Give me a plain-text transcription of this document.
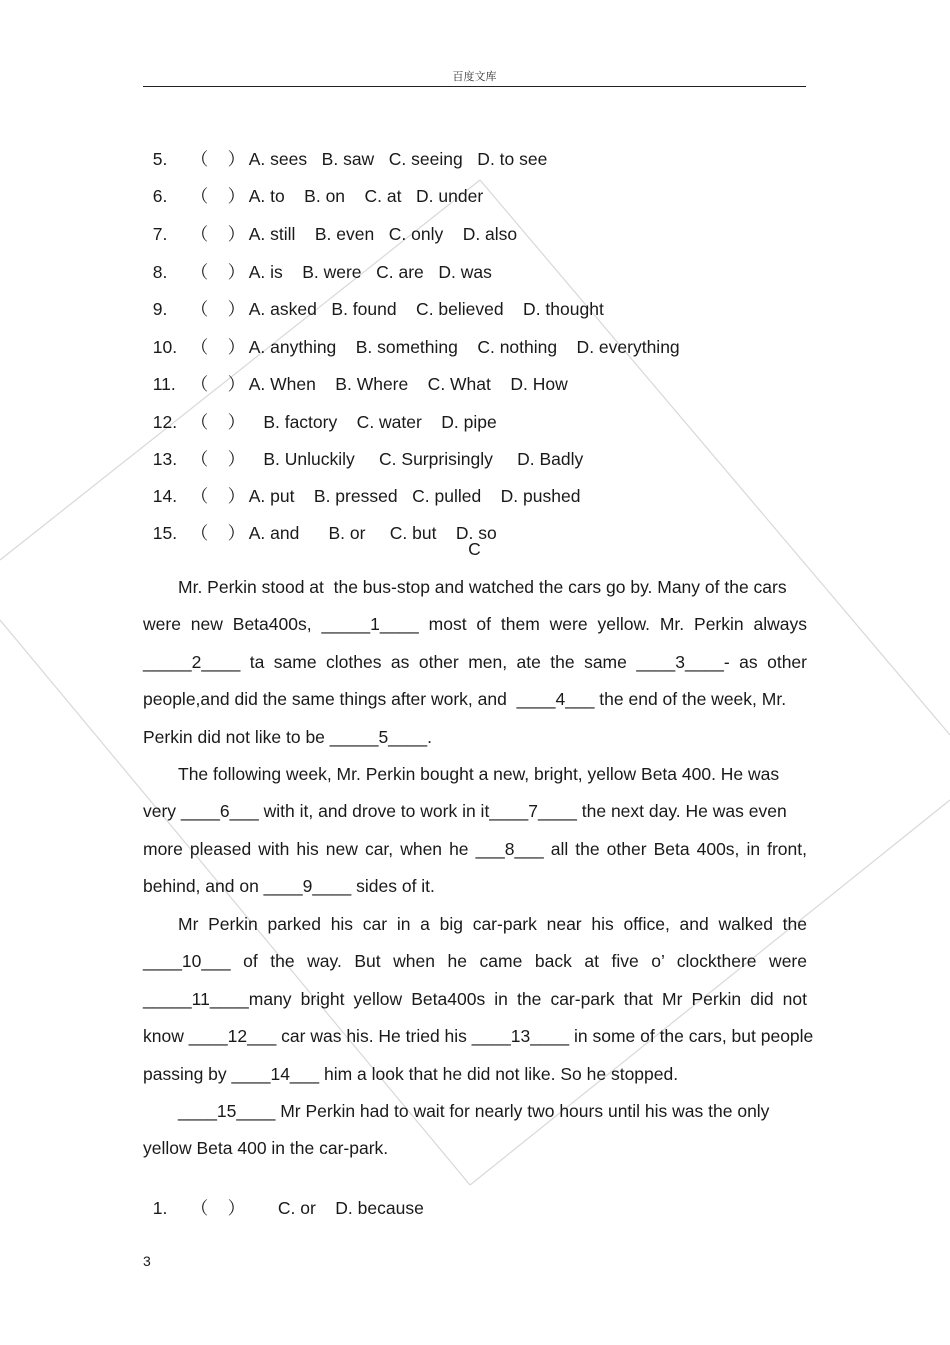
百度文库

5. （    ） A. sees   B. saw   C. seeing   D. to see

6. （    ） A. to    B. on    C. at   D. under

7. （    ） A. still    B. even   C. only    D. also

8. （    ） A. is    B. were   C. are   D. was

9. （    ） A. asked   B. found    C. believed    D. thought

10. （    ） A. anything    B. something    C. nothing    D. everything

11. （    ） A. When    B. Where    C. What    D. How

12. （    ）   B. factory    C. water    D. pipe

13. （    ）   B. Unluckily     C. Surprisingly     D. Badly

14. （    ） A. put    B. pressed   C. pulled    D. pushed

15. （    ） A. and      B. or     C. but    D. so

C
Mr. Perkin stood at  the bus-stop and watched the cars go by. Many of the cars
were new Beta400s, _____1____ most of them were yellow. Mr. Perkin always
_____2____ ta same clothes as other men, ate the same ____3____- as other
people,and did the same things after work, and  ____4___ the end of the week, Mr.
Perkin did not like to be _____5____.
The following week, Mr. Perkin bought a new, bright, yellow Beta 400. He was
very ____6___ with it, and drove to work in it____7____ the next day. He was even
more pleased with his new car, when he ___8___ all the other Beta 400s, in front,
behind, and on ____9____ sides of it.
Mr Perkin parked his car in a big car-park near his office, and walked the
____10___ of the way. But when he came back at five o’ clockthere were
_____11____many bright yellow Beta400s in the car-park that Mr Perkin did not
know ____12___ car was his. He tried his ____13____ in some of the cars, but people
passing by ____14___ him a look that he did not like. So he stopped.
____15____ Mr Perkin had to wait for nearly two hours until his was the only
yellow Beta 400 in the car-park.

1. （    ）      C. or    D. because

3
